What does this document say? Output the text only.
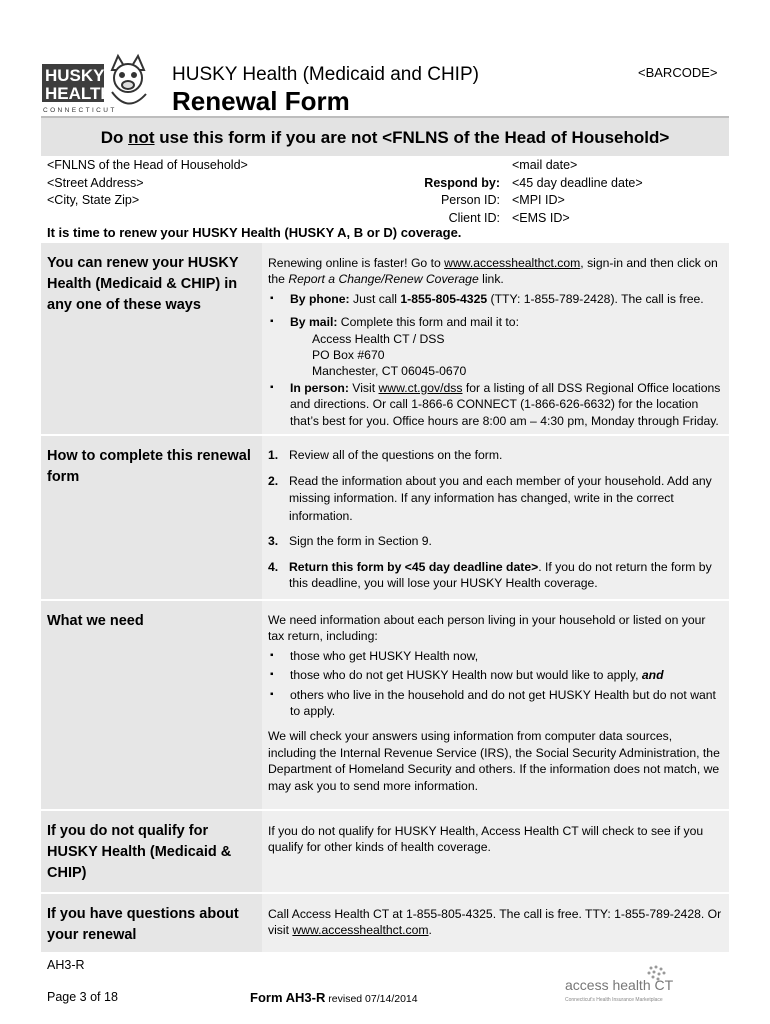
HUSKY
HEALTH
CONNECTICUT
HUSKY Health (Medicaid and CHIP)
Renewal Form
<BARCODE>
Do not use this form if you are not <FNLNS of the Head of Household>
<FNLNS of the Head of Household>
<Street Address>
<City, State Zip>

Respond by:
Person ID:
Client ID:
<mail date>
<45 day deadline date>
<MPI ID>
<EMS ID>
It is time to renew your HUSKY Health (HUSKY A, B or D) coverage.
You can renew your HUSKY Health (Medicaid & CHIP) in any one of these ways

Renewing online is faster! Go to www.accesshealthct.com, sign-in and then click on the Report a Change/Renew Coverage link.

▪ By phone: Just call 1-855-805-4325 (TTY: 1-855-789-2428). The call is free.
▪ By mail: Complete this form and mail it to:
Access Health CT / DSS
PO Box #670
Manchester, CT 06045-0670
▪ In person: Visit www.ct.gov/dss for a listing of all DSS Regional Office locations and directions. Or call 1-866-6 CONNECT (1-866-626-6632) for the location that’s best for you. Office hours are 8:00 am – 4:30 pm, Monday through Friday.
How to complete this renewal form
1. Review all of the questions on the form.
2. Read the information about you and each member of your household. Add any missing information. If any information has changed, write in the correct information.
3. Sign the form in Section 9.
4. Return this form by <45 day deadline date>. If you do not return the form by this deadline, you will lose your HUSKY Health coverage.
What we need	We need information about each person living in your household or listed on your tax return, including:

▪ those who get HUSKY Health now,
▪ those who do not get HUSKY Health now but would like to apply, and
▪ others who live in the household and do not get HUSKY Health but do not want to apply.

We will check your answers using information from computer data sources, including the Internal Revenue Service (IRS), the Social Security Administration, the Department of Homeland Security and others. If the information does not match, we may ask you to send more information.

If you do not qualify for HUSKY Health (Medicaid & CHIP)

If you do not qualify for HUSKY Health, Access Health CT will check to see if you qualify for other kinds of health coverage.

If you have questions about your renewal

Call Access Health CT at 1-855-805-4325. The call is free. TTY: 1-855-789-2428. Or visit www.accesshealthct.com.

AH3-R
Page 3 of 18	Form AH3-R revised 07/14/2014
access health CT
Connecticut's Health Insurance Marketplace
